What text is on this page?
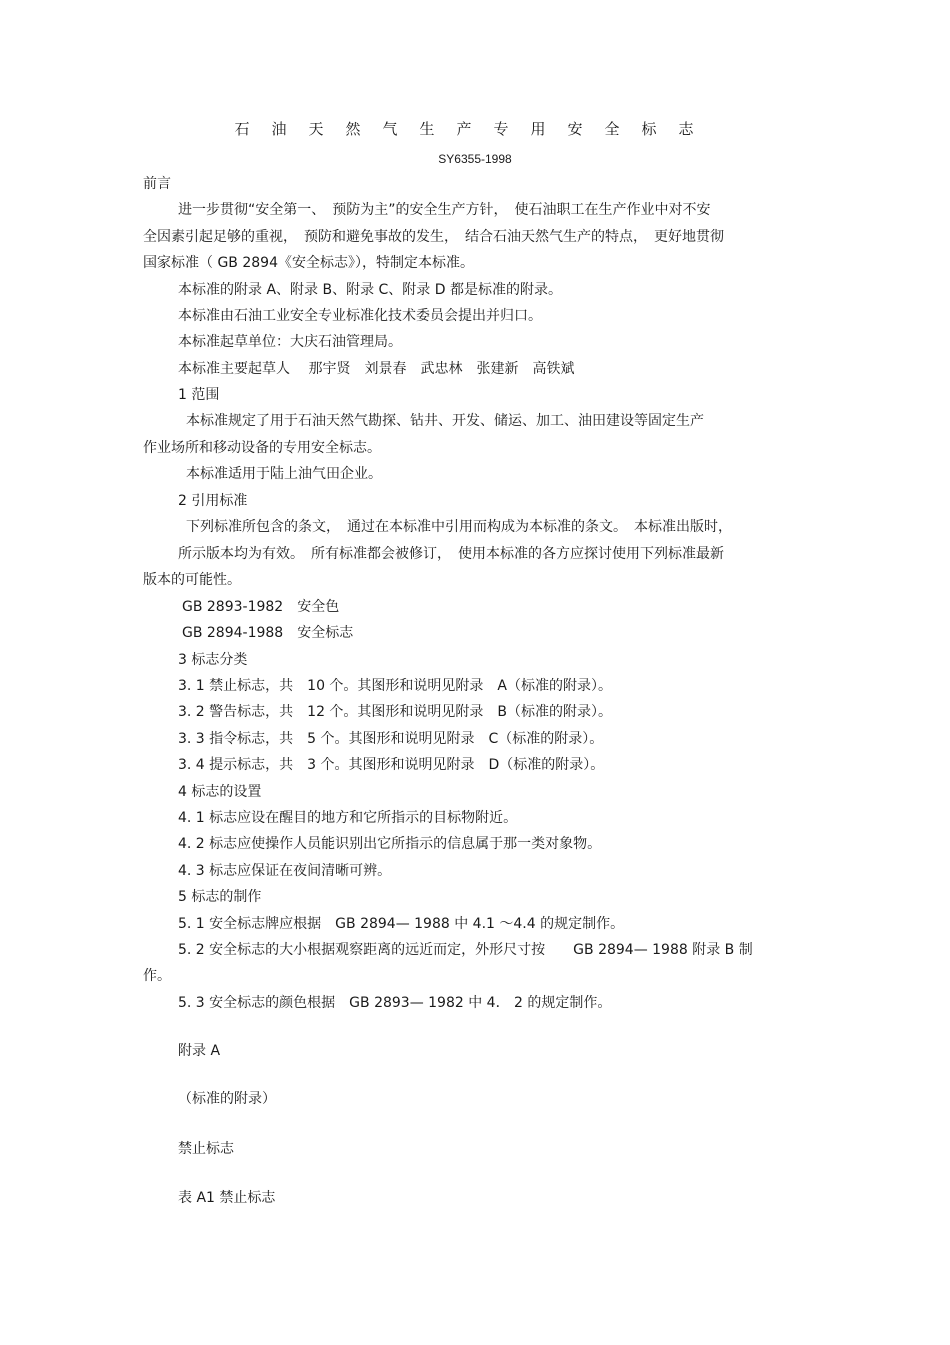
石油天然气生产专用安全标志
SY6355-1998
前言
进一步贯彻“安全第一、　预防为主”的安全生产方针，　使石油职工在生产作业中对不安
全因素引起足够的重视，　预防和避免事故的发生，　结合石油天然气生产的特点，　更好地贯彻
国家标准（ GB 2894《安全标志》），特制定本标准。
本标准的附录 A、附录 B、附录 C、附录 D 都是标准的附录。
本标准由石油工业安全专业标准化技术委员会提出并归口。
本标准起草单位：大庆石油管理局。
本标准主要起草人　 那宇贤　刘景春　武忠林　张建新　高铁斌
1 范围
本标准规定了用于石油天然气勘探、钻井、开发、储运、加工、油田建设等固定生产
作业场所和移动设备的专用安全标志。
本标准适用于陆上油气田企业。
2 引用标准
下列标准所包含的条文，　通过在本标准中引用而构成为本标准的条文。　本标准出版时，
所示版本均为有效。　所有标准都会被修订，　使用本标准的各方应探讨使用下列标准最新
版本的可能性。
GB 2893-1982　安全色
GB 2894-1988　安全标志
3 标志分类
3. 1 禁止标志，共　10 个。其图形和说明见附录　A（标准的附录）。
3. 2 警告标志，共　12 个。其图形和说明见附录　B（标准的附录）。
3. 3 指令标志，共　5 个。其图形和说明见附录　C（标准的附录）。
3. 4 提示标志，共　3 个。其图形和说明见附录　D（标准的附录）。
4 标志的设置
4. 1 标志应设在醒目的地方和它所指示的目标物附近。
4. 2 标志应使操作人员能识别出它所指示的信息属于那一类对象物。
4. 3 标志应保证在夜间清晰可辨。
5 标志的制作
5. 1 安全标志牌应根据　GB 2894— 1988 中 4.1 ～4.4 的规定制作。
5. 2 安全标志的大小根据观察距离的远近而定，外形尺寸按　　GB 2894— 1988 附录 B 制
作。
5. 3 安全标志的颜色根据　GB 2893— 1982 中 4． 2 的规定制作。
附录 A
（标准的附录）
禁止标志
表 A1 禁止标志
